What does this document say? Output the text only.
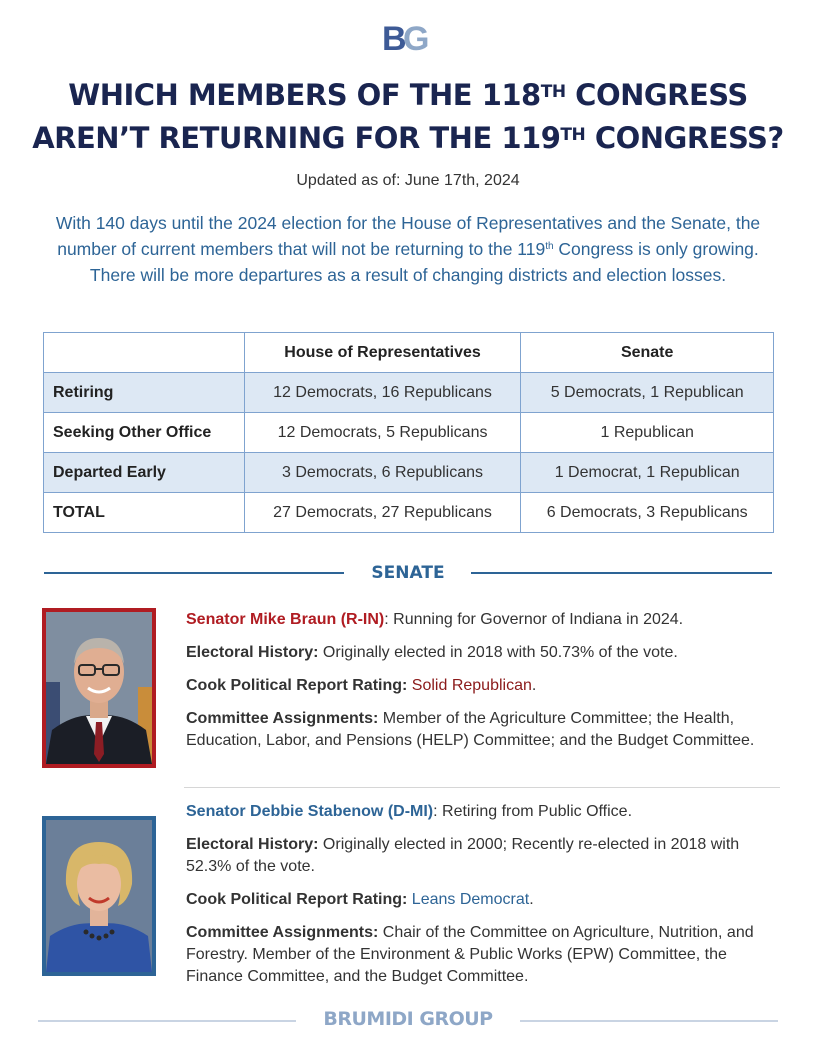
B G
WHICH MEMBERS OF THE 118TH CONGRESS
AREN’T RETURNING FOR THE 119TH CONGRESS?
Updated as of: June 17th, 2024
With 140 days until the 2024 election for the House of Representatives and the Senate, the number of current members that will not be returning to the 119th Congress is only growing. There will be more departures as a result of changing districts and election losses.
	House of Representatives	Senate
Retiring	12 Democrats, 16 Republicans	5 Democrats, 1 Republican
Seeking Other Office	12 Democrats, 5 Republicans	1 Republican
Departed Early	3 Democrats, 6 Republicans	1 Democrat, 1 Republican
TOTAL	27 Democrats, 27 Republicans	6 Democrats, 3 Republicans
SENATE

Senator Mike Braun (R-IN): Running for Governor of Indiana in 2024.

Electoral History: Originally elected in 2018 with 50.73% of the vote.

Cook Political Report Rating: Solid Republican.

Committee Assignments: Member of the Agriculture Committee; the Health, Education, Labor, and Pensions (HELP) Committee; and the Budget Committee.

Senator Debbie Stabenow (D-MI): Retiring from Public Office.

Electoral History: Originally elected in 2000; Recently re-elected in 2018 with 52.3% of the vote.

Cook Political Report Rating: Leans Democrat.

Committee Assignments: Chair of the Committee on Agriculture, Nutrition, and Forestry. Member of the Environment & Public Works (EPW) Committee, the Finance Committee, and the Budget Committee.

BRUMIDI GROUP
